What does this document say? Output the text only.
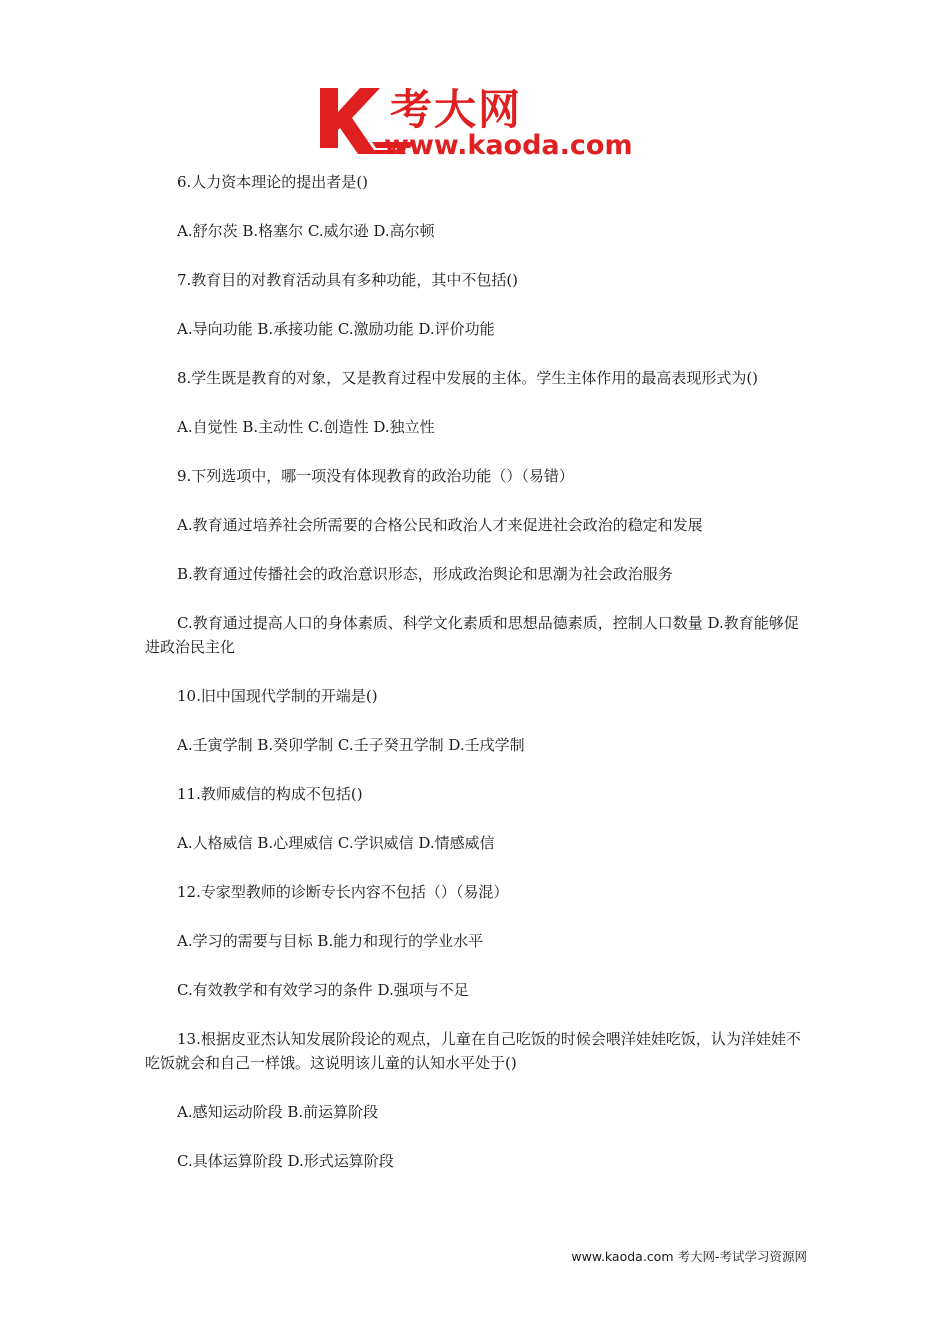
考大网
www.kaoda.com

6.人力资本理论的提出者是()

A.舒尔茨 B.格塞尔 C.威尔逊 D.高尔顿

7.教育目的对教育活动具有多种功能，其中不包括()

A.导向功能 B.承接功能 C.激励功能 D.评价功能

8.学生既是教育的对象，又是教育过程中发展的主体。学生主体作用的最高表现形式为()

A.自觉性 B.主动性 C.创造性 D.独立性

9.下列选项中，哪一项没有体现教育的政治功能（）（易错）

A.教育通过培养社会所需要的合格公民和政治人才来促进社会政治的稳定和发展

B.教育通过传播社会的政治意识形态，形成政治舆论和思潮为社会政治服务

C.教育通过提高人口的身体素质、科学文化素质和思想品德素质，控制人口数量 D.教育能够促进政治民主化

10.旧中国现代学制的开端是()

A.壬寅学制 B.癸卯学制 C.壬子癸丑学制 D.壬戌学制

11.教师威信的构成不包括()

A.人格威信 B.心理威信 C.学识威信 D.情感威信

12.专家型教师的诊断专长内容不包括（）（易混）

A.学习的需要与目标 B.能力和现行的学业水平

C.有效教学和有效学习的条件 D.强项与不足

13.根据皮亚杰认知发展阶段论的观点，儿童在自己吃饭的时候会喂洋娃娃吃饭，认为洋娃娃不吃饭就会和自己一样饿。这说明该儿童的认知水平处于()

A.感知运动阶段 B.前运算阶段

C.具体运算阶段 D.形式运算阶段

www.kaoda.com 考大网-考试学习资源网
